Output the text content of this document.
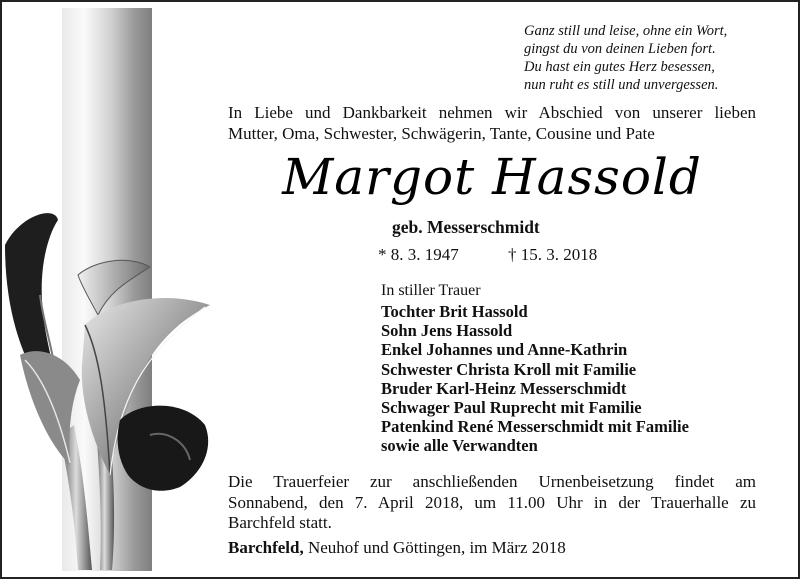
Ganz still und leise, ohne ein Wort,
gingst du von deinen Lieben fort.
Du hast ein gutes Herz besessen,
nun ruht es still und unvergessen.
In Liebe und Dankbarkeit nehmen wir Abschied von unserer lieben
Mutter, Oma, Schwester, Schwägerin, Tante, Cousine und Pate
Margot Hassold
geb. Messerschmidt
* 8. 3. 1947	† 15. 3. 2018
In stiller Trauer
Tochter Brit Hassold
Sohn Jens Hassold
Enkel Johannes und Anne-Kathrin
Schwester Christa Kroll mit Familie
Bruder Karl-Heinz Messerschmidt
Schwager Paul Ruprecht mit Familie
Patenkind René Messerschmidt mit Familie
sowie alle Verwandten
Die Trauerfeier zur anschließenden Urnenbeisetzung findet am
Sonnabend, den 7. April 2018, um 11.00 Uhr in der Trauerhalle zu
Barchfeld statt.
Barchfeld, Neuhof und Göttingen, im März 2018
